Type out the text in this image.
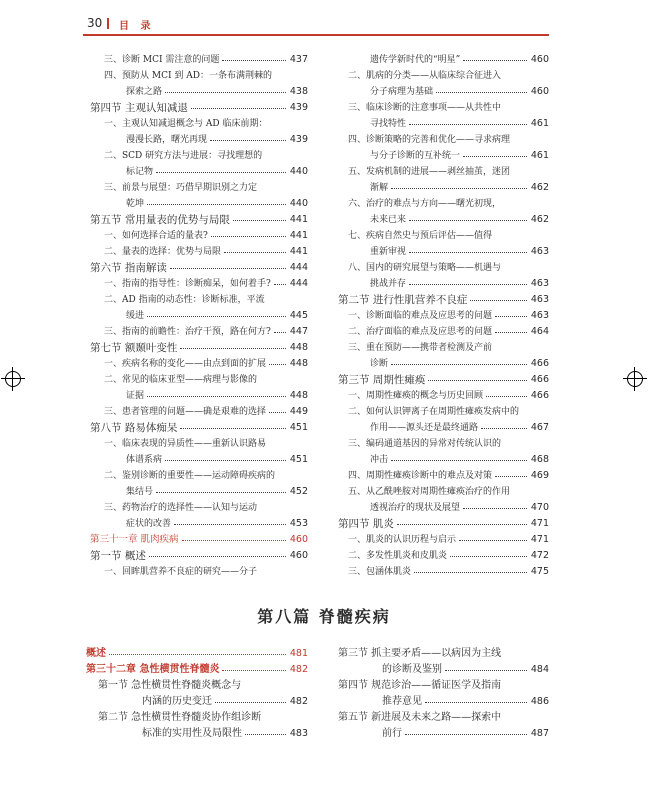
30 目 录
三、诊断 MCI 需注意的问题	437
四、预防从 MCI 到 AD：一条布满荆棘的
探索之路	438
第四节 主观认知减退	439
一、主观认知减退概念与 AD 临床前期：
漫漫长路，曙光再现	439
二、SCD 研究方法与进展：寻找理想的
标记物	440
三、前景与展望：巧借早期识别之力定
乾坤	440
第五节 常用量表的优势与局限	441
一、如何选择合适的量表?	441
二、量表的选择：优势与局限	441
第六节 指南解读	444
一、指南的指导性：诊断痴呆，如何着手? 444
二、AD 指南的动态性：诊断标准，平流
缓进	445
三、指南的前瞻性：治疗干预，路在何方? 447
第七节 额颞叶变性	448
一、疾病名称的变化——由点到面的扩展	448
二、常见的临床亚型——病理与影像的
证据	448
三、患者管理的问题——确是艰难的选择	449
第八节 路易体痴呆	451
一、临床表现的异质性——重新认识路易
体谱系病	451
二、鉴别诊断的重要性——运动障碍疾病的
集结号	452
三、药物治疗的选择性——认知与运动
症状的改善	453
第三十一章 肌肉疾病	460
第一节 概述	460
一、回眸肌营养不良症的研究——分子
遗传学新时代的“明星”	460
二、肌病的分类——从临床综合征进入
分子病理为基础	460
三、临床诊断的注意事项——从共性中
寻找特性	461
四、诊断策略的完善和优化——寻求病理
与分子诊断的互补统一	461
五、发病机制的进展——剥丝抽茧，迷团
渐解	462
六、治疗的难点与方向——曙光初现，
未来已来	462
七、疾病自然史与预后评估——值得
重新审视	463
八、国内的研究展望与策略——机遇与
挑战并存	463
第二节 进行性肌营养不良症	463
一、诊断面临的难点及应思考的问题	463
二、治疗面临的难点及应思考的问题	464
三、重在预防——携带者检测及产前
诊断	466
第三节 周期性瘫痪	466
一、周期性瘫痪的概念与历史回顾	466
二、如何认识钾离子在周期性瘫痪发病中的
作用——源头还是最终通路	467
三、编码通道基因的异常对传统认识的
冲击	468
四、周期性瘫痪诊断中的难点及对策	469
五、从乙酰唑胺对周期性瘫痪治疗的作用
透视治疗的现状及展望	470
第四节 肌炎	471
一、肌炎的认识历程与启示	471
二、多发性肌炎和皮肌炎	472
三、包涵体肌炎	475
第八篇 脊髓疾病
概述	481
第三十二章 急性横贯性脊髓炎	482
第一节 急性横贯性脊髓炎概念与
内涵的历史变迁	482
第二节 急性横贯性脊髓炎协作组诊断
标准的实用性及局限性	483
第三节 抓主要矛盾——以病因为主线
的诊断及鉴别	484
第四节 规范诊治——循证医学及指南
推荐意见	486
第五节 新进展及未来之路——探索中
前行	487
